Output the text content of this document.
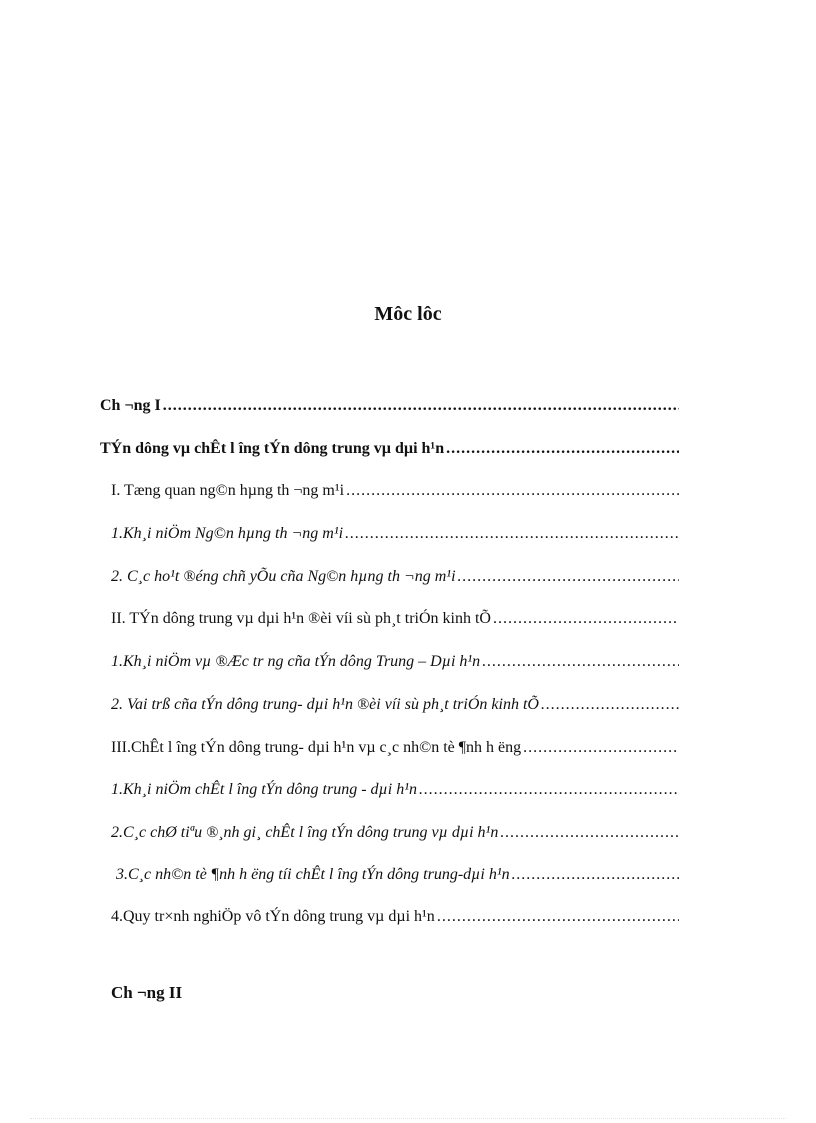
Môc lôc
Ch ¬ng I
.....
TÝn dông vµ chÊt l îng tÝn dông trung vµ dµi h¹n
.....
I. Tæng quan ng©n hµng th ¬ng m¹i
.....
1.Kh¸i niÖm Ng©n hµng th ¬ng m¹i
.....
2. C¸c ho¹t ®éng chñ yÕu cña Ng©n hµng th ¬ng m¹i
.....
II. TÝn dông trung vµ dµi h¹n ®èi víi sù ph¸t triÓn kinh tÕ
.....
1.Kh¸i niÖm vµ ®Æc tr ng cña tÝn dông Trung – Dµi h¹n
.....
2. Vai trß cña tÝn dông trung- dµi h¹n ®èi víi sù ph¸t triÓn kinh tÕ
.....
III.ChÊt l îng tÝn dông trung- dµi h¹n vµ c¸c nh©n tè ¶nh h ëng
.....
1.Kh¸i niÖm chÊt l îng tÝn dông trung - dµi h¹n
.....
2.C¸c chØ tiªu ®¸nh gi¸ chÊt l îng tÝn dông trung vµ dµi h¹n
.....
3.C¸c nh©n tè ¶nh h ëng tíi chÊt l îng tÝn dông trung-dµi h¹n
.....
4.Quy tr×nh nghiÖp vô tÝn dông trung vµ dµi h¹n
.....
Ch ¬ng II
